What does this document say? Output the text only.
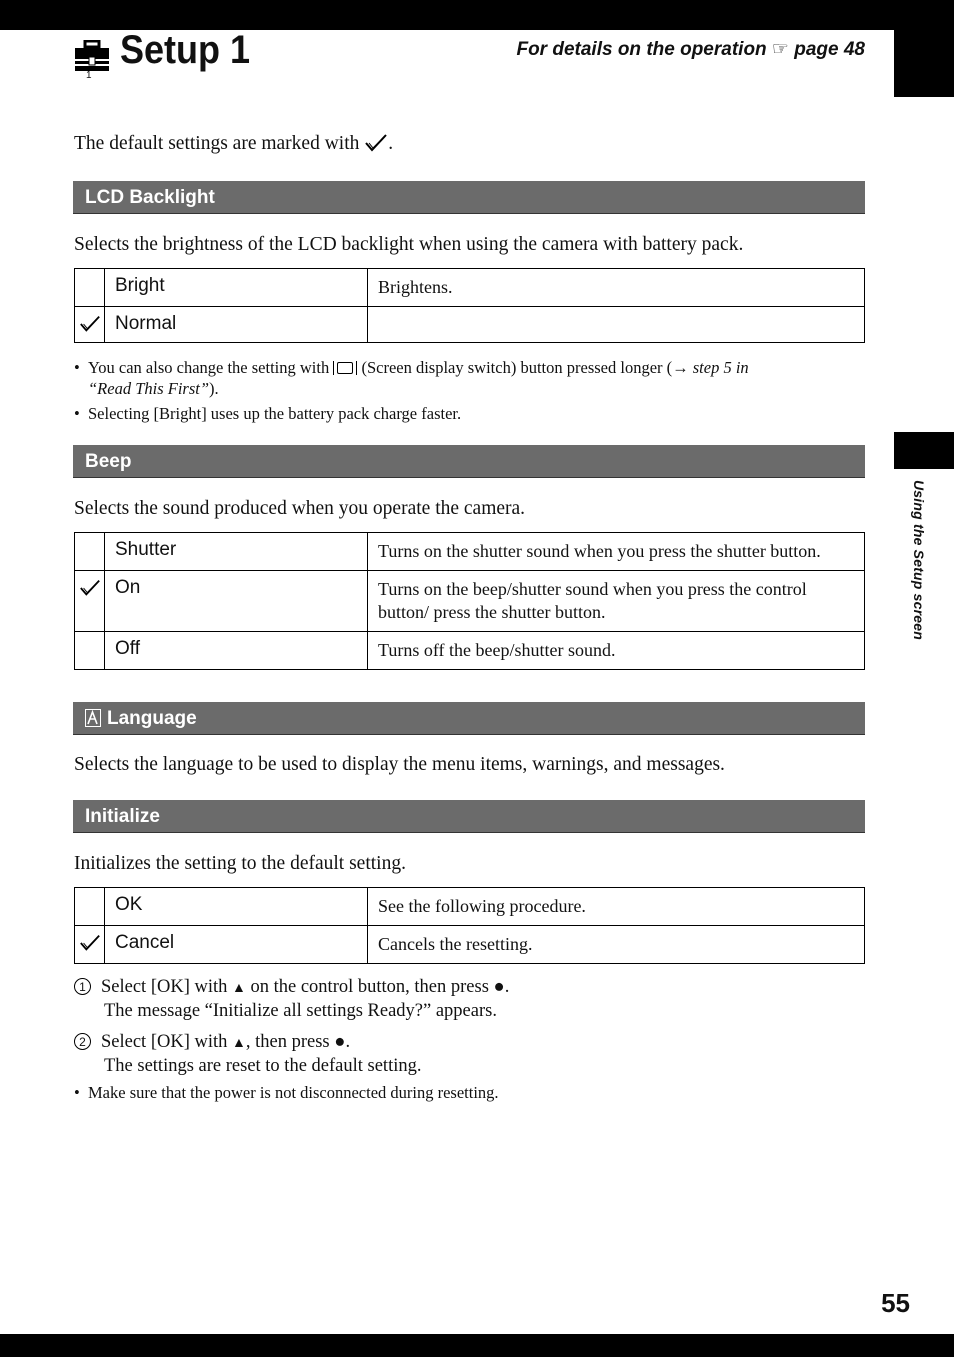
Using the Setup screen
55
1
Setup 1	For details on the operation ☞ page 48
The default settings are marked with .
LCD Backlight
Selects the brightness of the LCD backlight when using the camera with battery pack.
	Bright	Brightens.
	Normal	
• You can also change the setting with (Screen display switch) button pressed longer (→ step 5 in
“Read This First”).
• Selecting [Bright] uses up the battery pack charge faster.
Beep
Selects the sound produced when you operate the camera.
	Shutter	Turns on the shutter sound when you press the shutter button.
	On	Turns on the beep/shutter sound when you press the control button/ press the shutter button.
	Off	Turns off the beep/shutter sound.
Language
Selects the language to be used to display the menu items, warnings, and messages.
Initialize
Initializes the setting to the default setting.
	OK	See the following procedure.
	Cancel	Cancels the resetting.
1 Select [OK] with ▲ on the control button, then press ●.
The message “Initialize all settings Ready?” appears.
2 Select [OK] with ▲, then press ●.
The settings are reset to the default setting.
• Make sure that the power is not disconnected during resetting.
